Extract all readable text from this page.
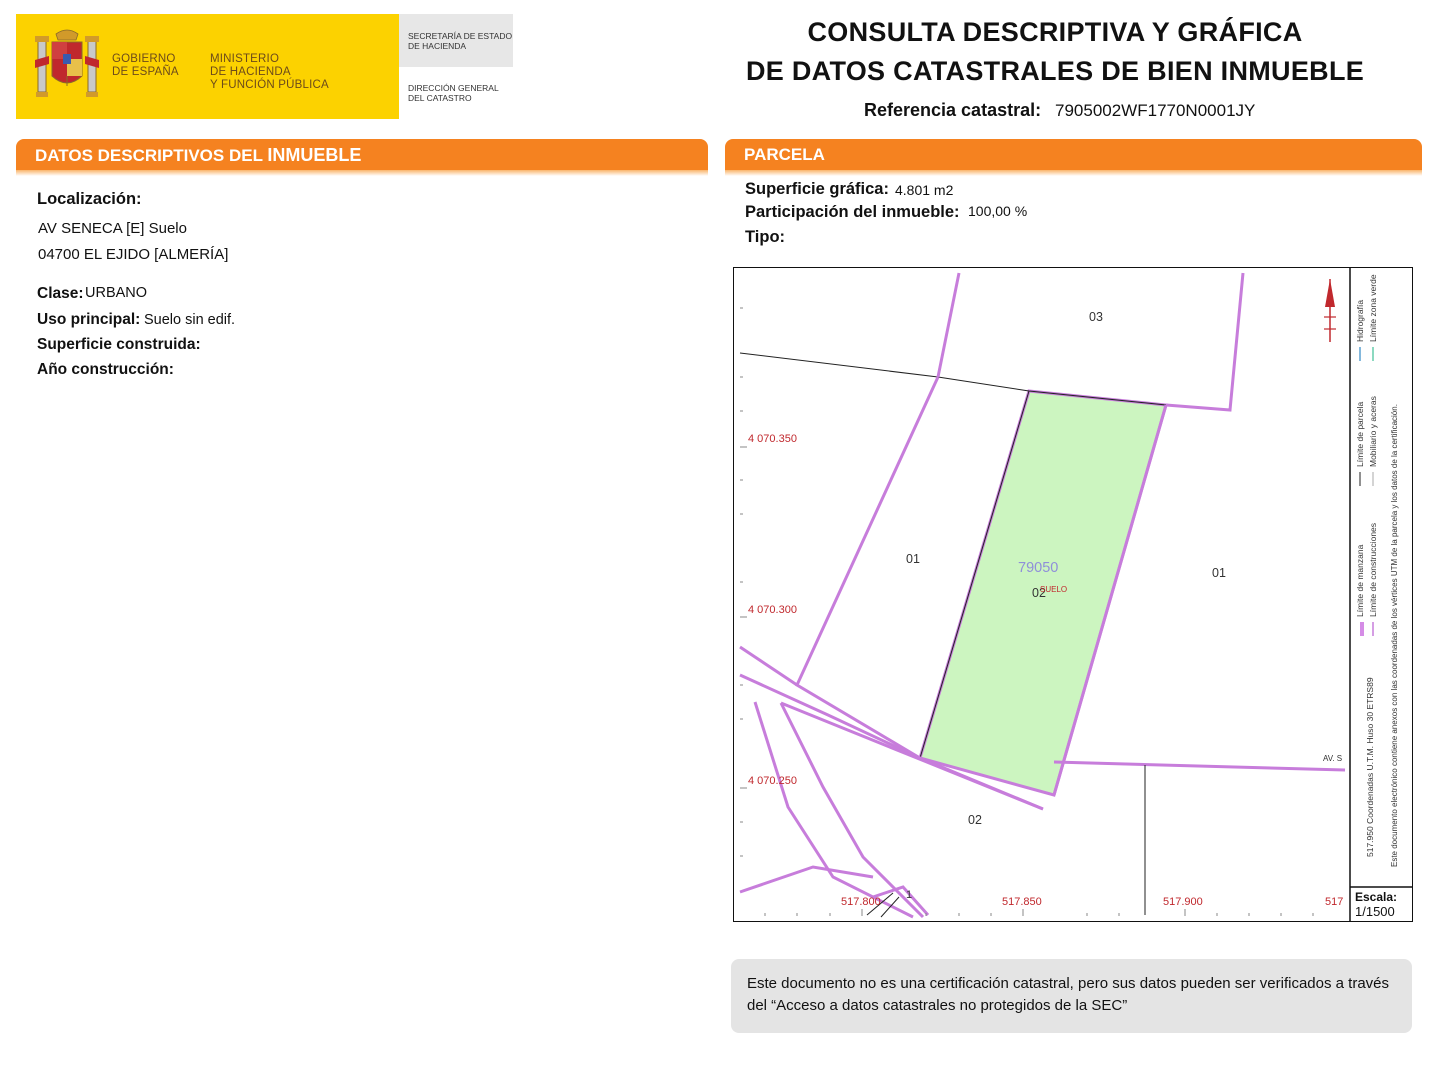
GOBIERNO
DE ESPAÑA
MINISTERIO
DE HACIENDA
Y FUNCIÓN PÚBLICA
SECRETARÍA DE ESTADO
DE HACIENDA
DIRECCIÓN GENERAL
DEL CATASTRO
CONSULTA DESCRIPTIVA Y GRÁFICA
DE DATOS CATASTRALES DE BIEN INMUEBLE
Referencia catastral: 7905002WF1770N0001JY
DATOS DESCRIPTIVOS DEL INMUEBLE
Localización:
AV SENECA [E] Suelo
04700 EL EJIDO [ALMERÍA]
Clase: URBANO
Uso principal: Suelo sin edif.
Superficie construida:
Año construcción:
PARCELA
Superficie gráfica: 4.801 m2
Participación del inmueble: 100,00 %
Tipo:
03
01
79050
02
SUELO
01
02
1
AV. S
4 070.350
4 070.300
4 070.250
517.800	517.850	517.900	517
Límite de manzana Límite de construcciones
Límite de parcela Mobiliario y aceras
Hidrografía Límite zona verde
517.950 Coordenadas U.T.M. Huso 30 ETRS89 Este documento electrónico contiene anexos con las coordenadas de los vértices UTM de la parcela y los datos de la certificación.
Escala:
1/1500
Este documento no es una certificación catastral, pero sus datos pueden ser verificados a través del “Acceso a datos catastrales no protegidos de la SEC”
